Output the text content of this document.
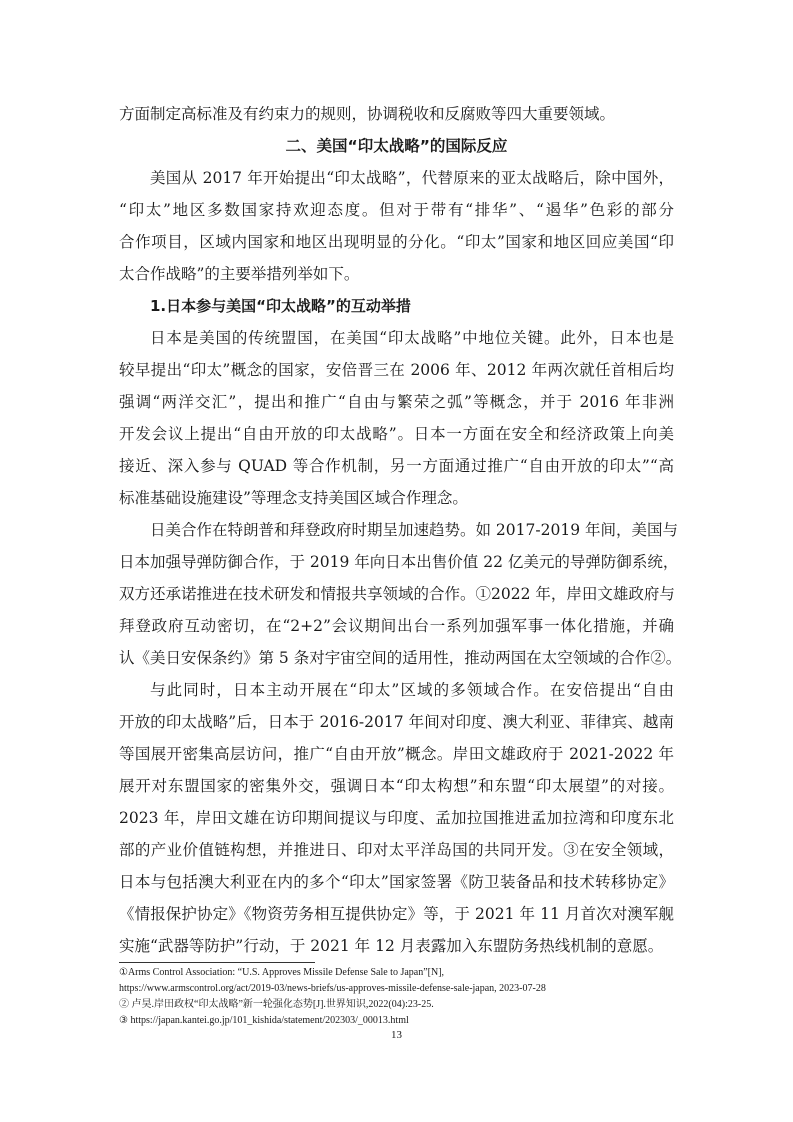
方面制定高标准及有约束力的规则，协调税收和反腐败等四大重要领域。
二、美国“印太战略”的国际反应
美国从 2017 年开始提出“印太战略”，代替原来的亚太战略后，除中国外，
“印太”地区多数国家持欢迎态度。但对于带有“排华”、“遏华”色彩的部分
合作项目，区域内国家和地区出现明显的分化。“印太”国家和地区回应美国“印
太合作战略”的主要举措列举如下。
1.日本参与美国“印太战略”的互动举措
日本是美国的传统盟国，在美国“印太战略”中地位关键。此外，日本也是
较早提出“印太”概念的国家，安倍晋三在 2006 年、2012 年两次就任首相后均
强调“两洋交汇”，提出和推广“自由与繁荣之弧”等概念，并于 2016 年非洲
开发会议上提出“自由开放的印太战略”。日本一方面在安全和经济政策上向美
接近、深入参与 QUAD 等合作机制，另一方面通过推广“自由开放的印太”“高
标准基础设施建设”等理念支持美国区域合作理念。
日美合作在特朗普和拜登政府时期呈加速趋势。如 2017-2019 年间，美国与
日本加强导弹防御合作，于 2019 年向日本出售价值 22 亿美元的导弹防御系统，
双方还承诺推进在技术研发和情报共享领域的合作。①2022 年，岸田文雄政府与
拜登政府互动密切，在“2+2”会议期间出台一系列加强军事一体化措施，并确
认《美日安保条约》第 5 条对宇宙空间的适用性，推动两国在太空领域的合作②。
与此同时，日本主动开展在“印太”区域的多领域合作。在安倍提出“自由
开放的印太战略”后，日本于 2016-2017 年间对印度、澳大利亚、菲律宾、越南
等国展开密集高层访问，推广“自由开放”概念。岸田文雄政府于 2021-2022 年
展开对东盟国家的密集外交，强调日本“印太构想”和东盟“印太展望”的对接。
2023 年，岸田文雄在访印期间提议与印度、孟加拉国推进孟加拉湾和印度东北
部的产业价值链构想，并推进日、印对太平洋岛国的共同开发。③在安全领域，
日本与包括澳大利亚在内的多个“印太”国家签署《防卫装备品和技术转移协定》
《情报保护协定》《物资劳务相互提供协定》等，于 2021 年 11 月首次对澳军舰
实施“武器等防护”行动，于 2021 年 12 月表露加入东盟防务热线机制的意愿。
①Arms Control Association: “U.S. Approves Missile Defense Sale to Japan”[N],
https://www.armscontrol.org/act/2019-03/news-briefs/us-approves-missile-defense-sale-japan, 2023-07-28
② 卢昊.岸田政权“印太战略”新一轮强化态势[J].世界知识,2022(04):23-25.
③ https://japan.kantei.go.jp/101_kishida/statement/202303/_00013.html
13
